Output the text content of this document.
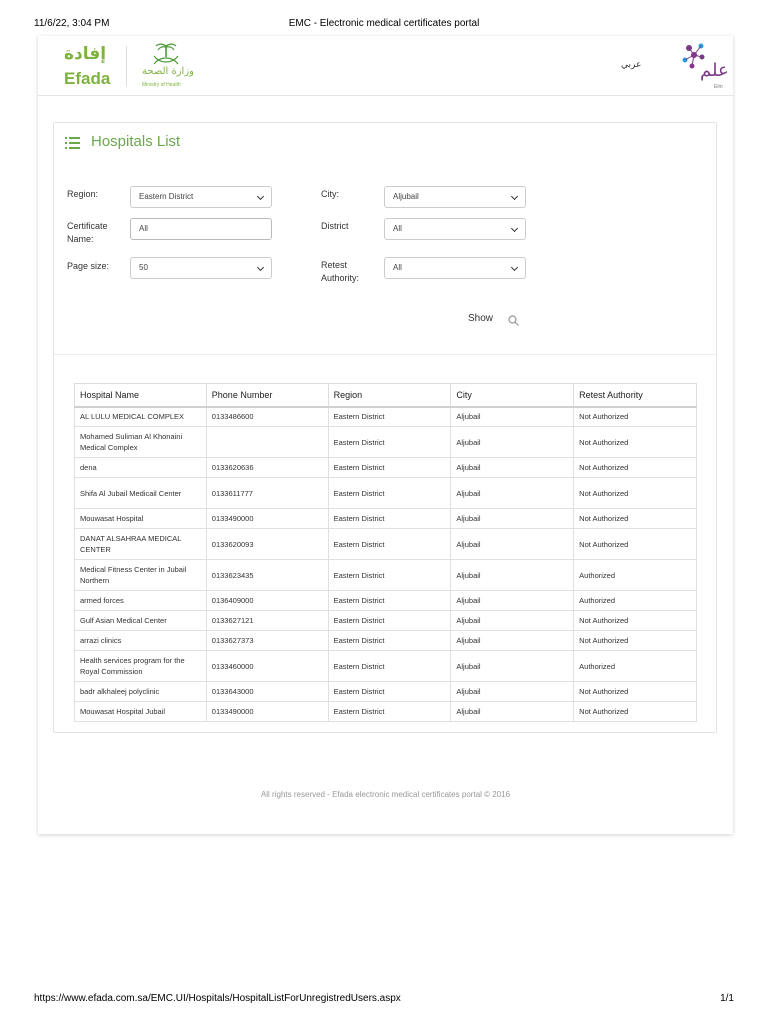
11/6/22, 3:04 PM	EMC - Electronic medical certificates portal
إفادة
Efada	وزارة الصحة
Ministry of Health
عربي	علم
Elm
Hospitals List
Region:	Eastern District	City:	Aljubail
Certificate
Name:
All	District	All
Page size:	50	Retest
Authority:
All
Show
Hospital Name	Phone Number	Region	City	Retest Authority
AL LULU MEDICAL COMPLEX	0133486600	Eastern District	Aljubail	Not Authorized
Mohamed Suliman Al Khonaini Medical Complex		Eastern District	Aljubail	Not Authorized
dena	0133620636	Eastern District	Aljubail	Not Authorized
Shifa Al Jubail Medicail Center	0133611777	Eastern District	Aljubail	Not Authorized
Mouwasat Hospital	0133490000	Eastern District	Aljubail	Not Authorized
DANAT ALSAHRAA MEDICAL CENTER	0133620093	Eastern District	Aljubail	Not Authorized
Medical Fitness Center in Jubail Northern	0133623435	Eastern District	Aljubail	Authorized
armed forces	0136409000	Eastern District	Aljubail	Authorized
Gulf Asian Medical Center	0133627121	Eastern District	Aljubail	Not Authorized
arrazi clinics	0133627373	Eastern District	Aljubail	Not Authorized
Health services program for the Royal Commission	0133460000	Eastern District	Aljubail	Authorized
badr alkhaleej polyclinic	0133643000	Eastern District	Aljubail	Not Authorized
Mouwasat Hospital Jubail	0133490000	Eastern District	Aljubail	Not Authorized
All rights reserved - Efada electronic medical certificates portal © 2016
https://www.efada.com.sa/EMC.UI/Hospitals/HospitalListForUnregistredUsers.aspx	1/1
